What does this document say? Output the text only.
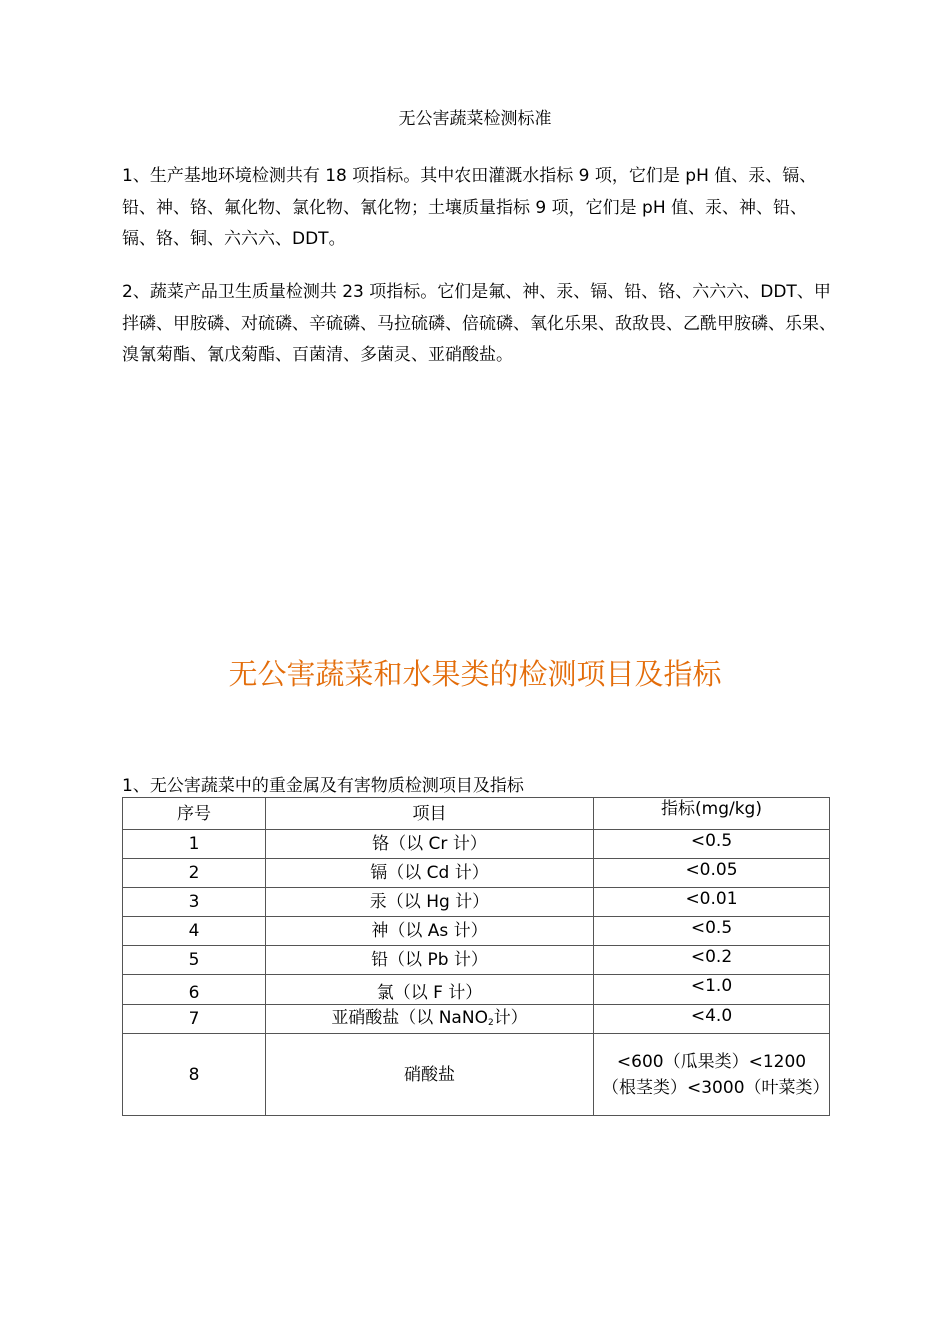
无公害蔬菜检测标准

1、生产基地环境检测共有 18 项指标。其中农田灌溉水指标 9 项，它们是 pH 值、汞、镉、铅、神、铬、氟化物、氯化物、氰化物；土壤质量指标 9 项，它们是 pH 值、汞、神、铅、镉、铬、铜、六六六、DDT。

2、蔬菜产品卫生质量检测共 23 项指标。它们是氟、神、汞、镉、铅、铬、六六六、DDT、甲拌磷、甲胺磷、对硫磷、辛硫磷、马拉硫磷、倍硫磷、氧化乐果、敌敌畏、乙酰甲胺磷、乐果、溴氰菊酯、氰戊菊酯、百菌清、多菌灵、亚硝酸盐。

无公害蔬菜和水果类的检测项目及指标
1、无公害蔬菜中的重金属及有害物质检测项目及指标
序号	项目	指标(mg/kg)
1	铬（以 Cr 计）	<0.5
2	镉（以 Cd 计）	<0.05
3	汞（以 Hg 计）	<0.01
4	神（以 As 计）	<0.5
5	铅（以 Pb 计）	<0.2
6	氯（以 F 计）	<1.0
7	亚硝酸盐（以 NaNO$_2$计）	<4.0
8	硝酸盐	<600（瓜果类）<1200（根茎类）<3000（叶菜类）
